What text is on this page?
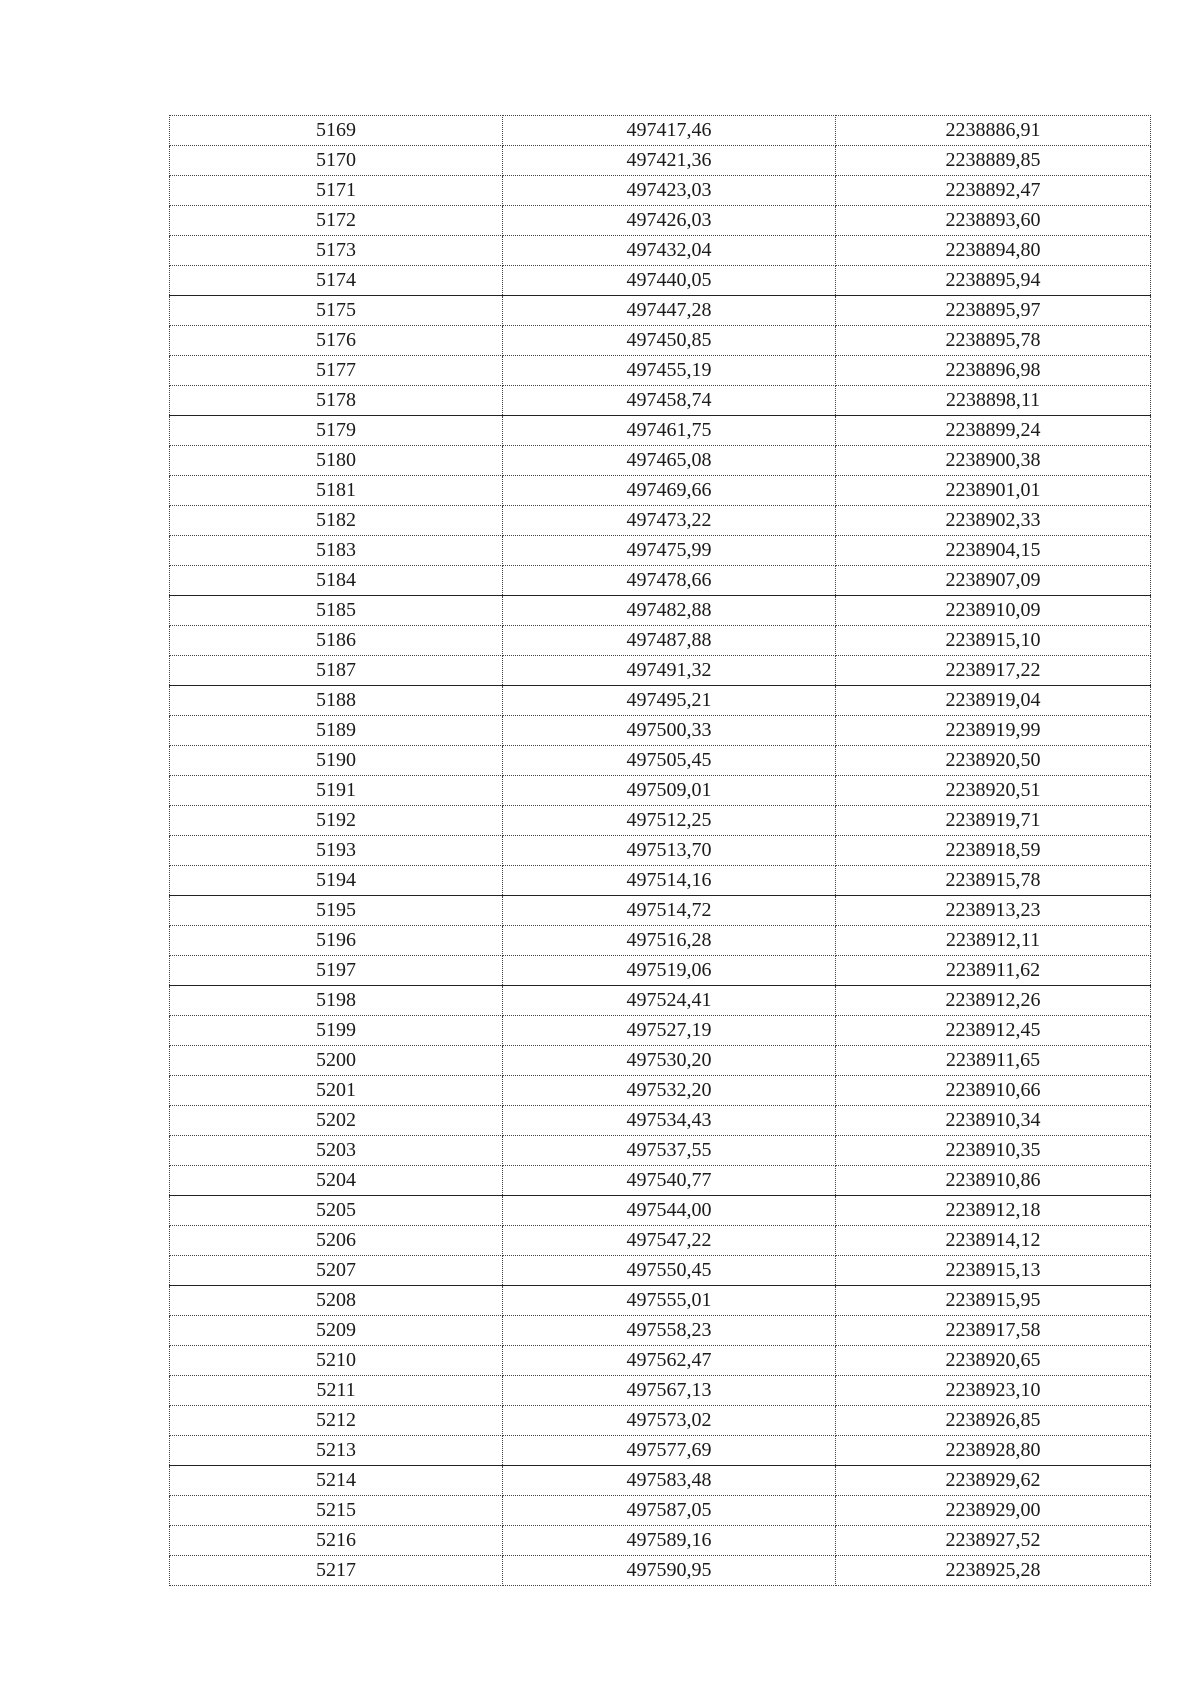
5169	497417,46	2238886,91
5170	497421,36	2238889,85
5171	497423,03	2238892,47
5172	497426,03	2238893,60
5173	497432,04	2238894,80
5174	497440,05	2238895,94
5175	497447,28	2238895,97
5176	497450,85	2238895,78
5177	497455,19	2238896,98
5178	497458,74	2238898,11
5179	497461,75	2238899,24
5180	497465,08	2238900,38
5181	497469,66	2238901,01
5182	497473,22	2238902,33
5183	497475,99	2238904,15
5184	497478,66	2238907,09
5185	497482,88	2238910,09
5186	497487,88	2238915,10
5187	497491,32	2238917,22
5188	497495,21	2238919,04
5189	497500,33	2238919,99
5190	497505,45	2238920,50
5191	497509,01	2238920,51
5192	497512,25	2238919,71
5193	497513,70	2238918,59
5194	497514,16	2238915,78
5195	497514,72	2238913,23
5196	497516,28	2238912,11
5197	497519,06	2238911,62
5198	497524,41	2238912,26
5199	497527,19	2238912,45
5200	497530,20	2238911,65
5201	497532,20	2238910,66
5202	497534,43	2238910,34
5203	497537,55	2238910,35
5204	497540,77	2238910,86
5205	497544,00	2238912,18
5206	497547,22	2238914,12
5207	497550,45	2238915,13
5208	497555,01	2238915,95
5209	497558,23	2238917,58
5210	497562,47	2238920,65
5211	497567,13	2238923,10
5212	497573,02	2238926,85
5213	497577,69	2238928,80
5214	497583,48	2238929,62
5215	497587,05	2238929,00
5216	497589,16	2238927,52
5217	497590,95	2238925,28
